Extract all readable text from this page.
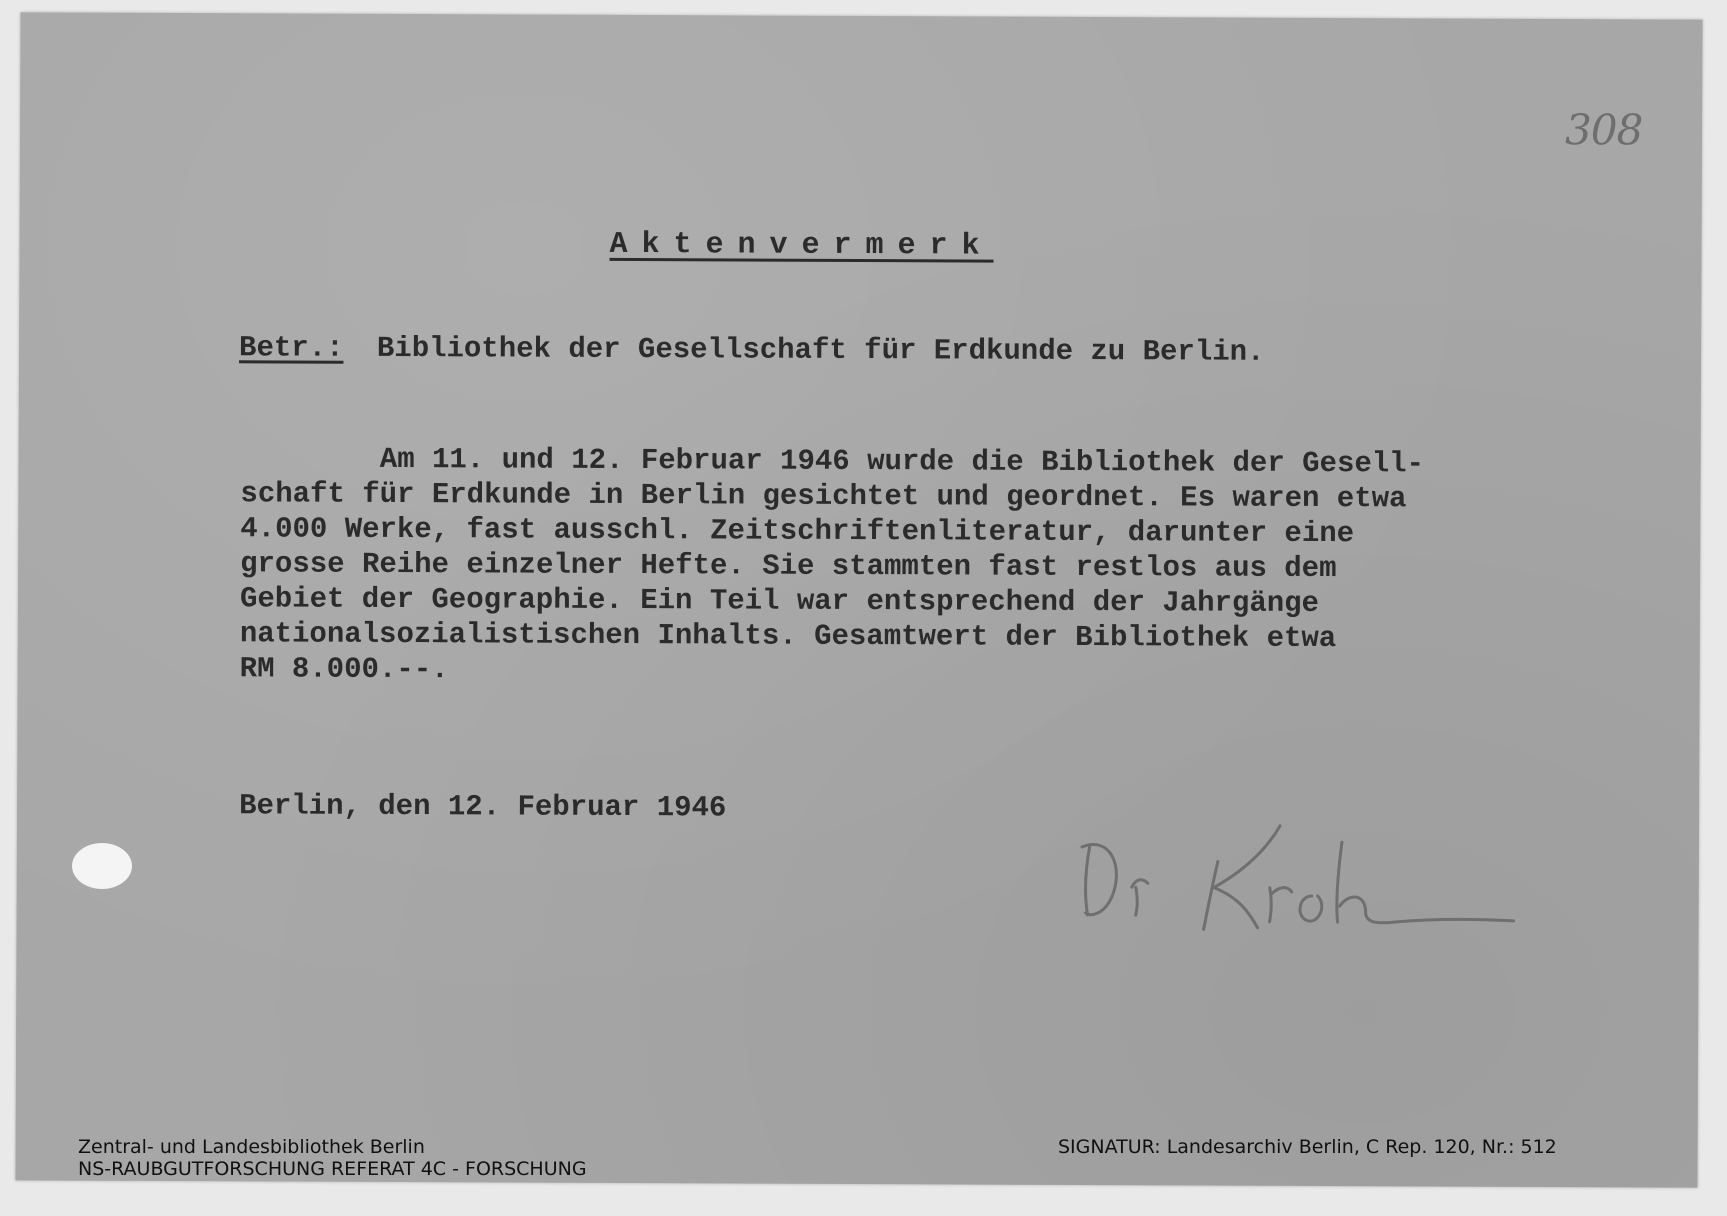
308
Aktenvermerk
Betr.: Bibliothek der Gesellschaft für Erdkunde zu Berlin.
Am 11. und 12. Februar 1946 wurde die Bibliothek der Gesell-
schaft für Erdkunde in Berlin gesichtet und geordnet. Es waren etwa
4.000 Werke, fast ausschl. Zeitschriftenliteratur, darunter eine
grosse Reihe einzelner Hefte. Sie stammten fast restlos aus dem
Gebiet der Geographie. Ein Teil war entsprechend der Jahrgänge
nationalsozialistischen Inhalts. Gesamtwert der Bibliothek etwa
RM 8.000.--.
Berlin, den 12. Februar 1946
Zentral- und Landesbibliothek Berlin
NS-RAUBGUTFORSCHUNG REFERAT 4C - FORSCHUNG
SIGNATUR: Landesarchiv Berlin, C Rep. 120, Nr.: 512
